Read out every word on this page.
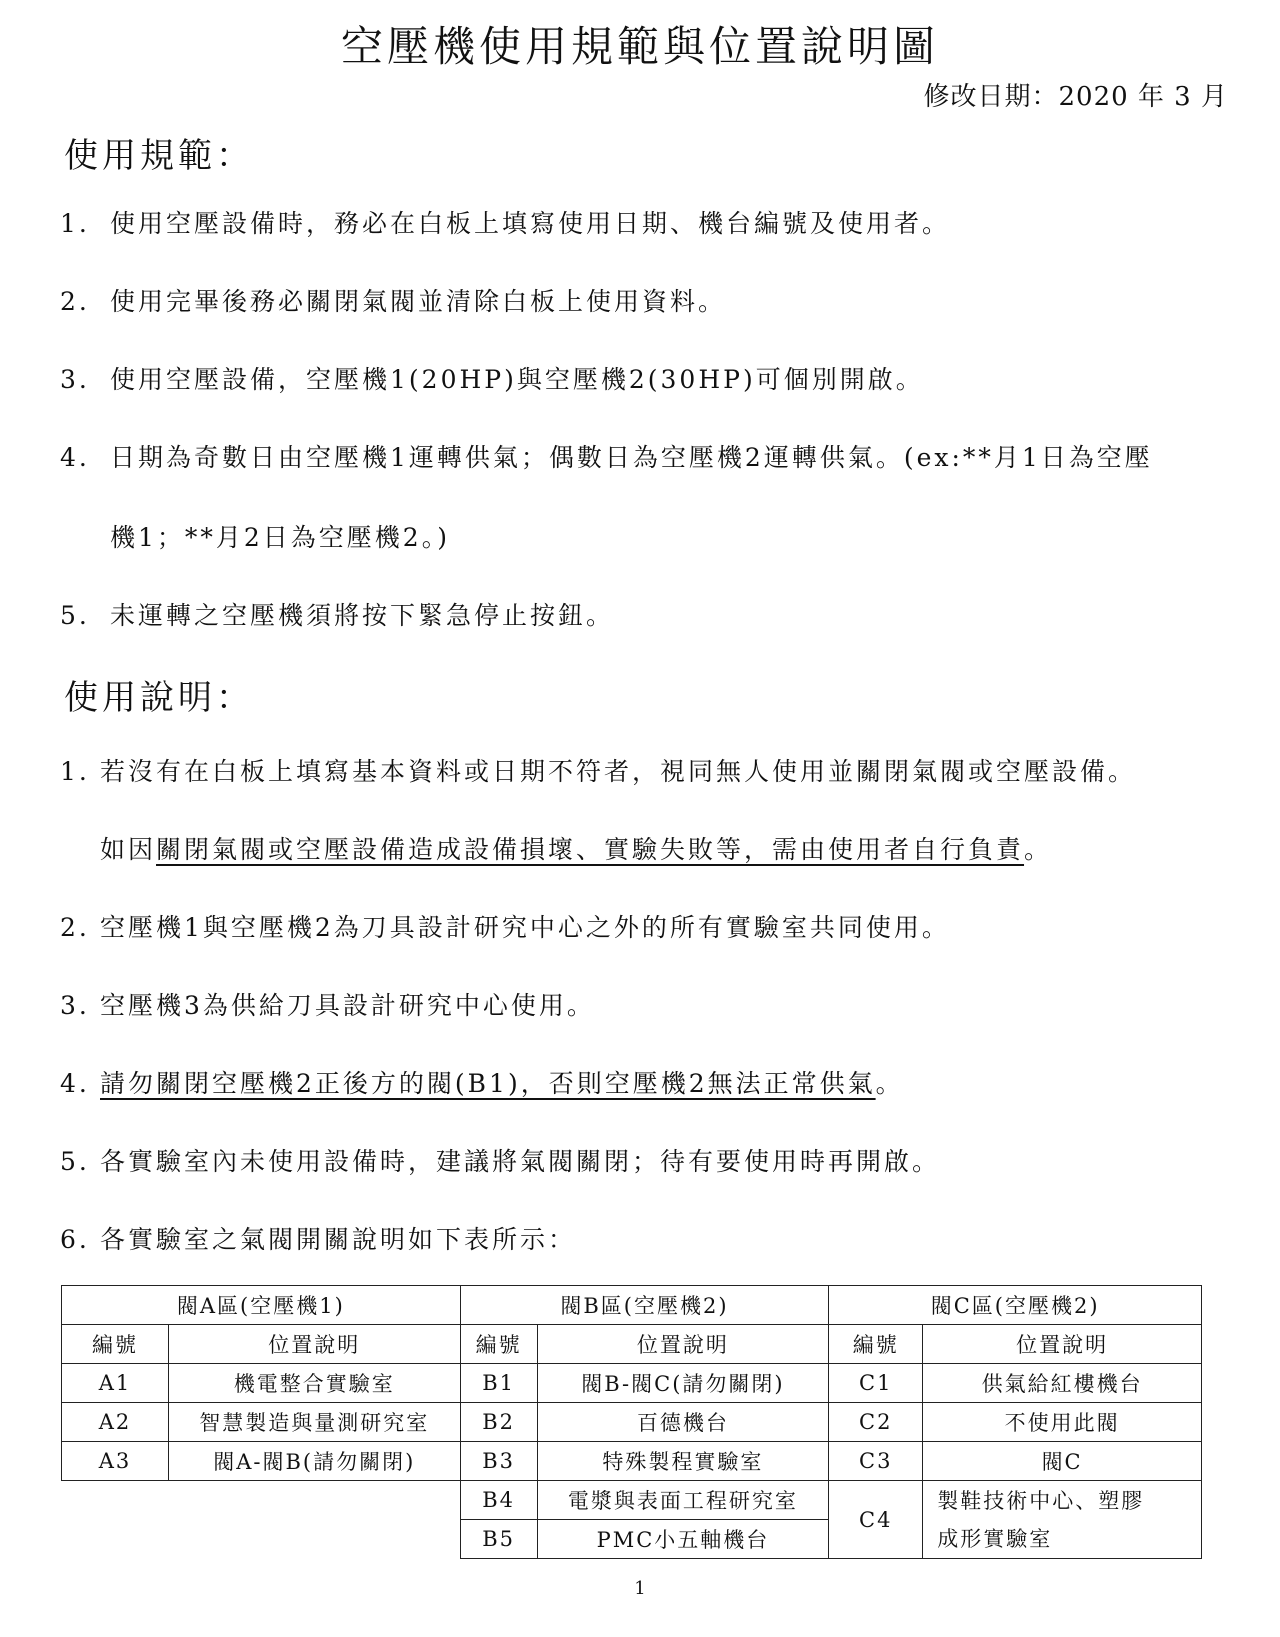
空壓機使用規範與位置說明圖
修改日期：2020 年 3 月
使用規範：
1. 使用空壓設備時，務必在白板上填寫使用日期、機台編號及使用者。
2. 使用完畢後務必關閉氣閥並清除白板上使用資料。
3. 使用空壓設備，空壓機1(20HP)與空壓機2(30HP)可個別開啟。
4. 日期為奇數日由空壓機1運轉供氣；偶數日為空壓機2運轉供氣。(ex:**月1日為空壓
機1；**月2日為空壓機2。)
5. 未運轉之空壓機須將按下緊急停止按鈕。
使用說明：
1. 若沒有在白板上填寫基本資料或日期不符者，視同無人使用並關閉氣閥或空壓設備。
如因關閉氣閥或空壓設備造成設備損壞、實驗失敗等，需由使用者自行負責。
2. 空壓機1與空壓機2為刀具設計研究中心之外的所有實驗室共同使用。
3. 空壓機3為供給刀具設計研究中心使用。
4. 請勿關閉空壓機2正後方的閥(B1)，否則空壓機2無法正常供氣。
5. 各實驗室內未使用設備時，建議將氣閥關閉；待有要使用時再開啟。
6. 各實驗室之氣閥開關說明如下表所示：
閥A區(空壓機1)		閥B區(空壓機2)		閥C區(空壓機2)	
編號	位置說明	編號	位置說明	編號	位置說明
A1	機電整合實驗室	B1	閥B-閥C(請勿關閉)	C1	供氣給紅樓機台
A2	智慧製造與量測研究室	B2	百德機台	C2	不使用此閥
A3	閥A-閥B(請勿關閉)	B3	特殊製程實驗室	C3	閥C
		B4	電漿與表面工程研究室	C4	製鞋技術中心、塑膠
成形實驗室

		B5	PMC小五軸機台		
1
